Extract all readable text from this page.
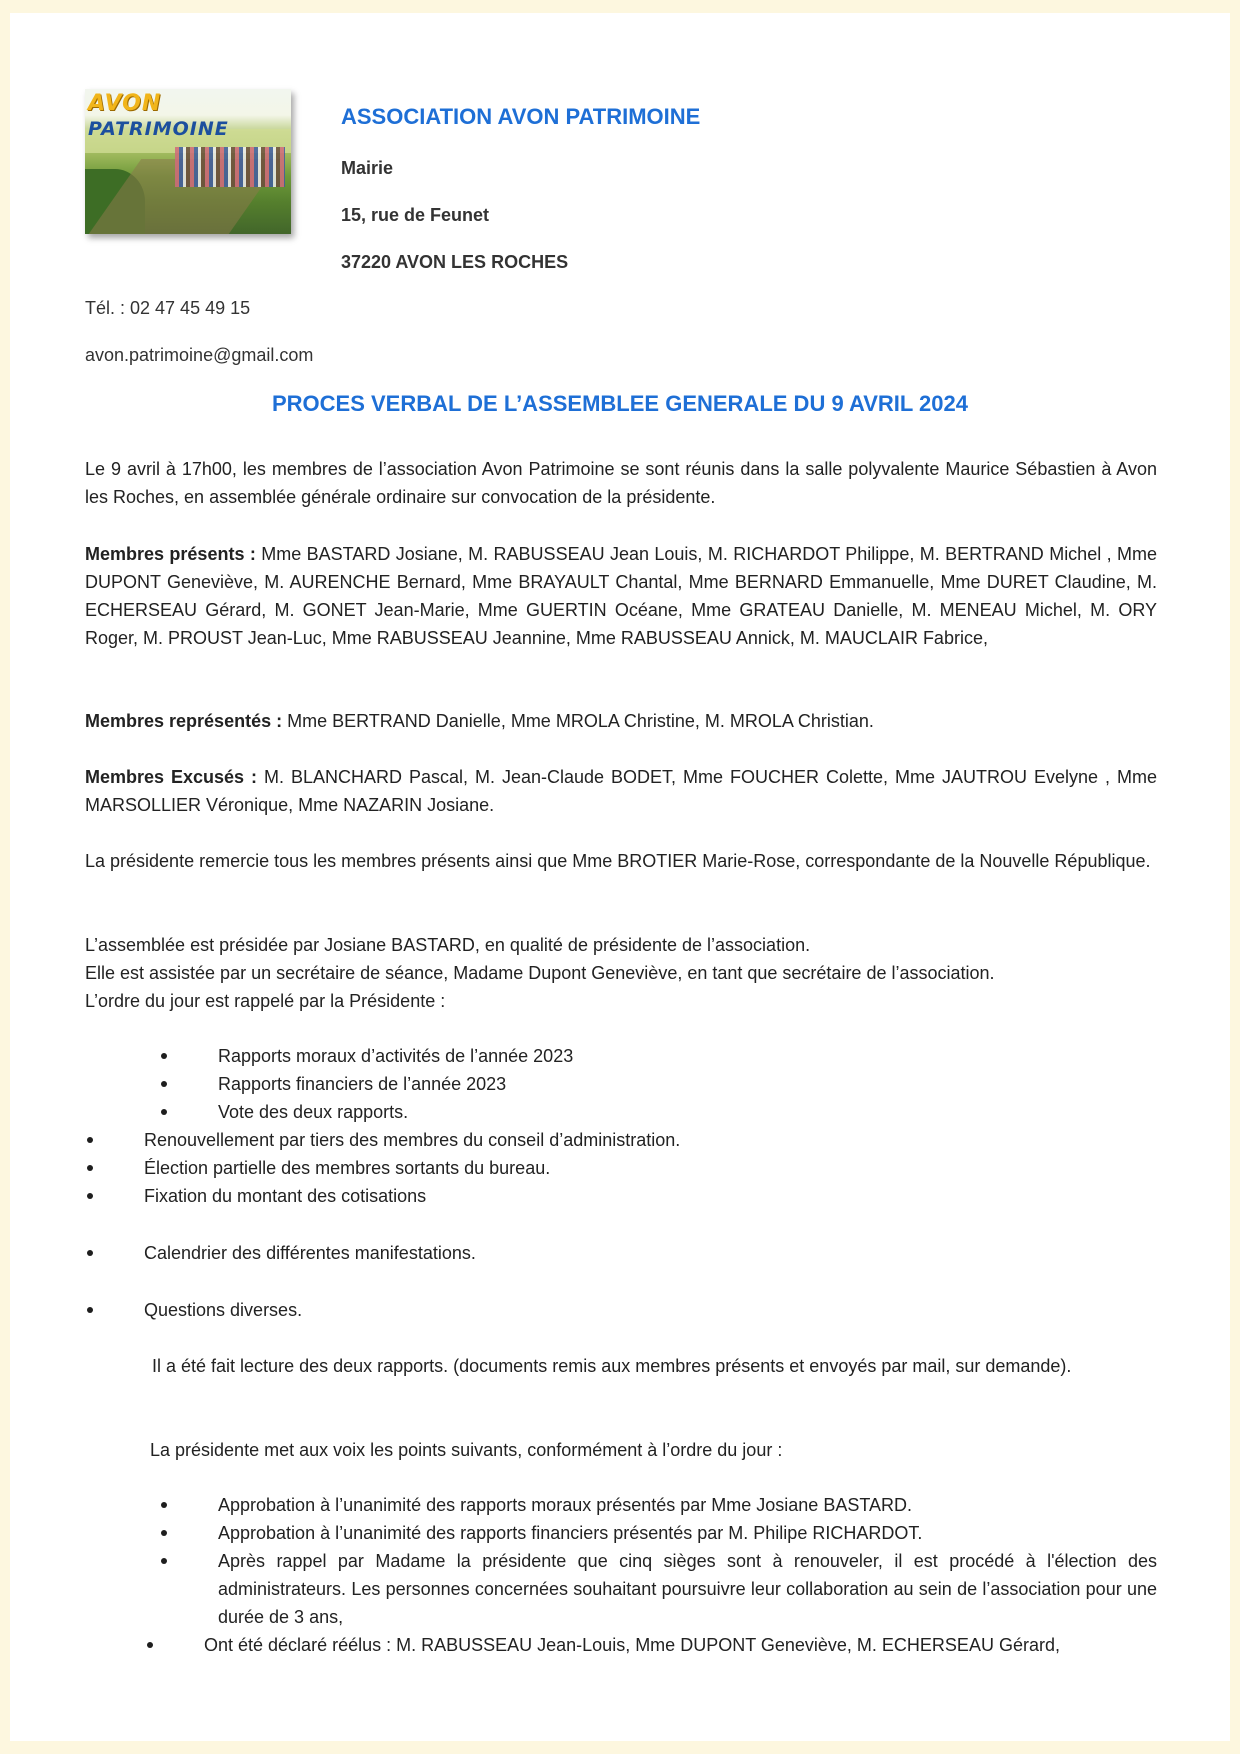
AVON PATRIMOINE	ASSOCIATION AVON PATRIMOINE
Mairie
15, rue de Feunet
37220 AVON LES ROCHES
Tél. : 02 47 45 49 15
avon.patrimoine@gmail.com
PROCES VERBAL DE L’ASSEMBLEE GENERALE DU 9 AVRIL 2024
Le 9 avril à 17h00, les membres de l’association Avon Patrimoine se sont réunis dans la salle polyvalente Maurice Sébastien à Avon les Roches, en assemblée générale ordinaire sur convocation de la présidente.
Membres présents : Mme BASTARD Josiane, M. RABUSSEAU Jean Louis, M. RICHARDOT Philippe, M. BERTRAND Michel , Mme DUPONT Geneviève, M. AURENCHE Bernard, Mme BRAYAULT Chantal, Mme BERNARD Emmanuelle, Mme DURET Claudine, M. ECHERSEAU Gérard, M. GONET Jean-Marie, Mme GUERTIN Océane, Mme GRATEAU Danielle, M. MENEAU Michel, M. ORY Roger, M. PROUST Jean-Luc, Mme RABUSSEAU Jeannine, Mme RABUSSEAU Annick, M. MAUCLAIR Fabrice,
Membres représentés : Mme BERTRAND Danielle, Mme MROLA Christine, M. MROLA Christian.
Membres Excusés : M. BLANCHARD Pascal, M. Jean-Claude BODET, Mme FOUCHER Colette, Mme JAUTROU Evelyne , Mme MARSOLLIER Véronique, Mme NAZARIN Josiane.
La présidente remercie tous les membres présents ainsi que Mme BROTIER Marie-Rose, correspondante de la Nouvelle République.
L’assemblée est présidée par Josiane BASTARD, en qualité de présidente de l’association.
Elle est assistée par un secrétaire de séance, Madame Dupont Geneviève, en tant que secrétaire de l’association.
L’ordre du jour est rappelé par la Présidente :
Rapports moraux d’activités de l’année 2023
Rapports financiers de l’année 2023
Vote des deux rapports.
Renouvellement par tiers des membres du conseil d’administration.
Élection partielle des membres sortants du bureau.
Fixation du montant des cotisations
Calendrier des différentes manifestations.
Questions diverses.
Il a été fait lecture des deux rapports. (documents remis aux membres présents et envoyés par mail, sur demande).
La présidente met aux voix les points suivants, conformément à l’ordre du jour :
Approbation à l’unanimité des rapports moraux présentés par Mme Josiane BASTARD.
Approbation à l’unanimité des rapports financiers présentés par M. Philipe RICHARDOT.
Après rappel par Madame la présidente que cinq sièges sont à renouveler, il est procédé à l'élection des administrateurs. Les personnes concernées souhaitant poursuivre leur collaboration au sein de l’association pour une durée de 3 ans,
Ont été déclaré réélus : M. RABUSSEAU Jean-Louis, Mme DUPONT Geneviève, M. ECHERSEAU Gérard,
